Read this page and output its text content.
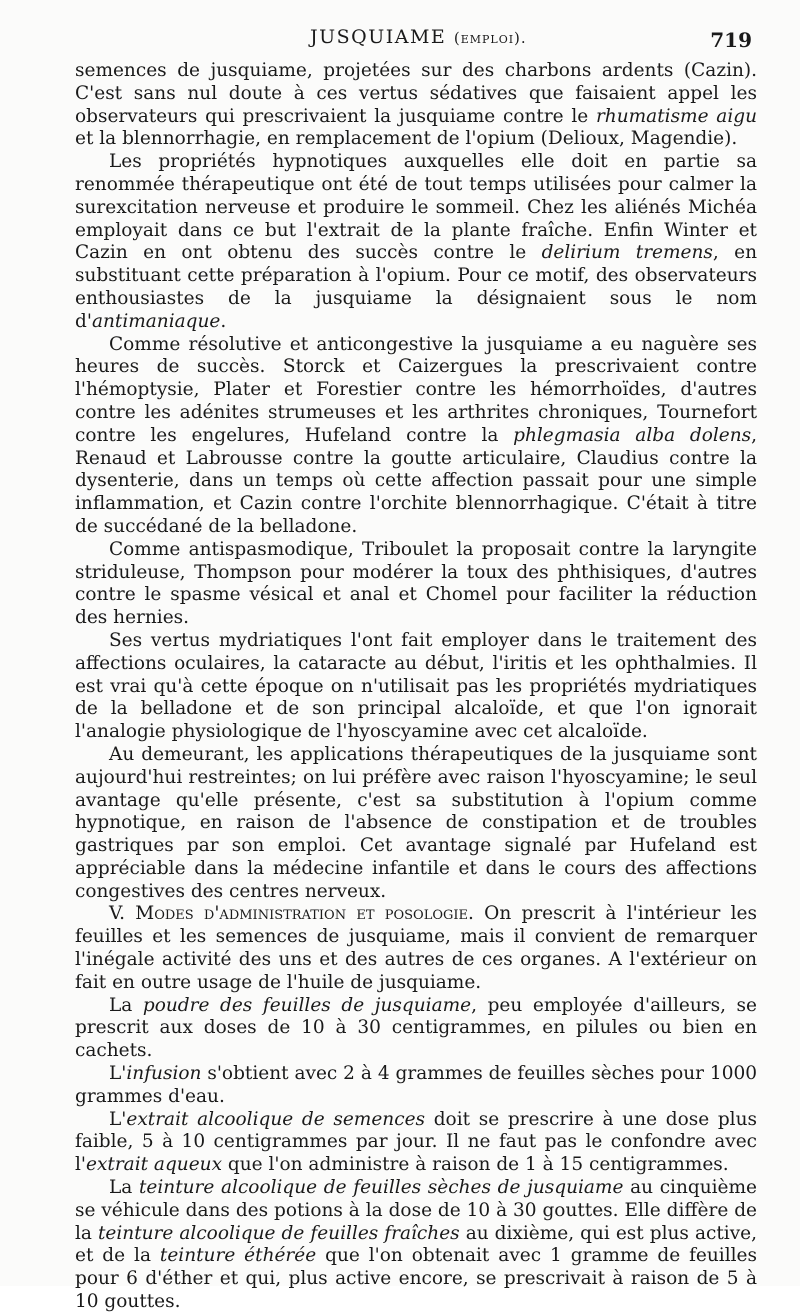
JUSQUIAME (emploi).	719

semences de jusquiame, projetées sur des charbons ardents (Cazin). C'est sans nul doute à ces vertus sédatives que faisaient appel les observateurs qui prescrivaient la jusquiame contre le rhumatisme aigu et la blennorrhagie, en remplacement de l'opium (Delioux, Magendie).

Les propriétés hypnotiques auxquelles elle doit en partie sa renommée thérapeutique ont été de tout temps utilisées pour calmer la surexcitation nerveuse et produire le sommeil. Chez les aliénés Michéa employait dans ce but l'extrait de la plante fraîche. Enfin Winter et Cazin en ont obtenu des succès contre le delirium tremens, en substituant cette préparation à l'opium. Pour ce motif, des observateurs enthousiastes de la jusquiame la désignaient sous le nom d'antimaniaque.

Comme résolutive et anticongestive la jusquiame a eu naguère ses heures de succès. Storck et Caizergues la prescrivaient contre l'hémoptysie, Plater et Forestier contre les hémorrhoïdes, d'autres contre les adénites strumeuses et les arthrites chroniques, Tournefort contre les engelures, Hufeland contre la phlegmasia alba dolens, Renaud et Labrousse contre la goutte articulaire, Claudius contre la dysenterie, dans un temps où cette affection passait pour une simple inflammation, et Cazin contre l'orchite blennorrhagique. C'était à titre de succédané de la belladone.

Comme antispasmodique, Triboulet la proposait contre la laryngite striduleuse, Thompson pour modérer la toux des phthisiques, d'autres contre le spasme vésical et anal et Chomel pour faciliter la réduction des hernies.

Ses vertus mydriatiques l'ont fait employer dans le traitement des affections oculaires, la cataracte au début, l'iritis et les ophthalmies. Il est vrai qu'à cette époque on n'utilisait pas les propriétés mydriatiques de la belladone et de son principal alcaloïde, et que l'on ignorait l'analogie physiologique de l'hyoscyamine avec cet alcaloïde.

Au demeurant, les applications thérapeutiques de la jusquiame sont aujourd'hui restreintes; on lui préfère avec raison l'hyoscyamine; le seul avantage qu'elle présente, c'est sa substitution à l'opium comme hypnotique, en raison de l'absence de constipation et de troubles gastriques par son emploi. Cet avantage signalé par Hufeland est appréciable dans la médecine infantile et dans le cours des affections congestives des centres nerveux.

V. Modes d'administration et posologie. On prescrit à l'intérieur les feuilles et les semences de jusquiame, mais il convient de remarquer l'inégale activité des uns et des autres de ces organes. A l'extérieur on fait en outre usage de l'huile de jusquiame.

La poudre des feuilles de jusquiame, peu employée d'ailleurs, se prescrit aux doses de 10 à 30 centigrammes, en pilules ou bien en cachets.

L'infusion s'obtient avec 2 à 4 grammes de feuilles sèches pour 1000 grammes d'eau.

L'extrait alcoolique de semences doit se prescrire à une dose plus faible, 5 à 10 centigrammes par jour. Il ne faut pas le confondre avec l'extrait aqueux que l'on administre à raison de 1 à 15 centigrammes.

La teinture alcoolique de feuilles sèches de jusquiame au cinquième se véhicule dans des potions à la dose de 10 à 30 gouttes. Elle diffère de la teinture alcoolique de feuilles fraîches au dixième, qui est plus active, et de la teinture éthérée que l'on obtenait avec 1 gramme de feuilles pour 6 d'éther et qui, plus active encore, se prescrivait à raison de 5 à 10 gouttes.
